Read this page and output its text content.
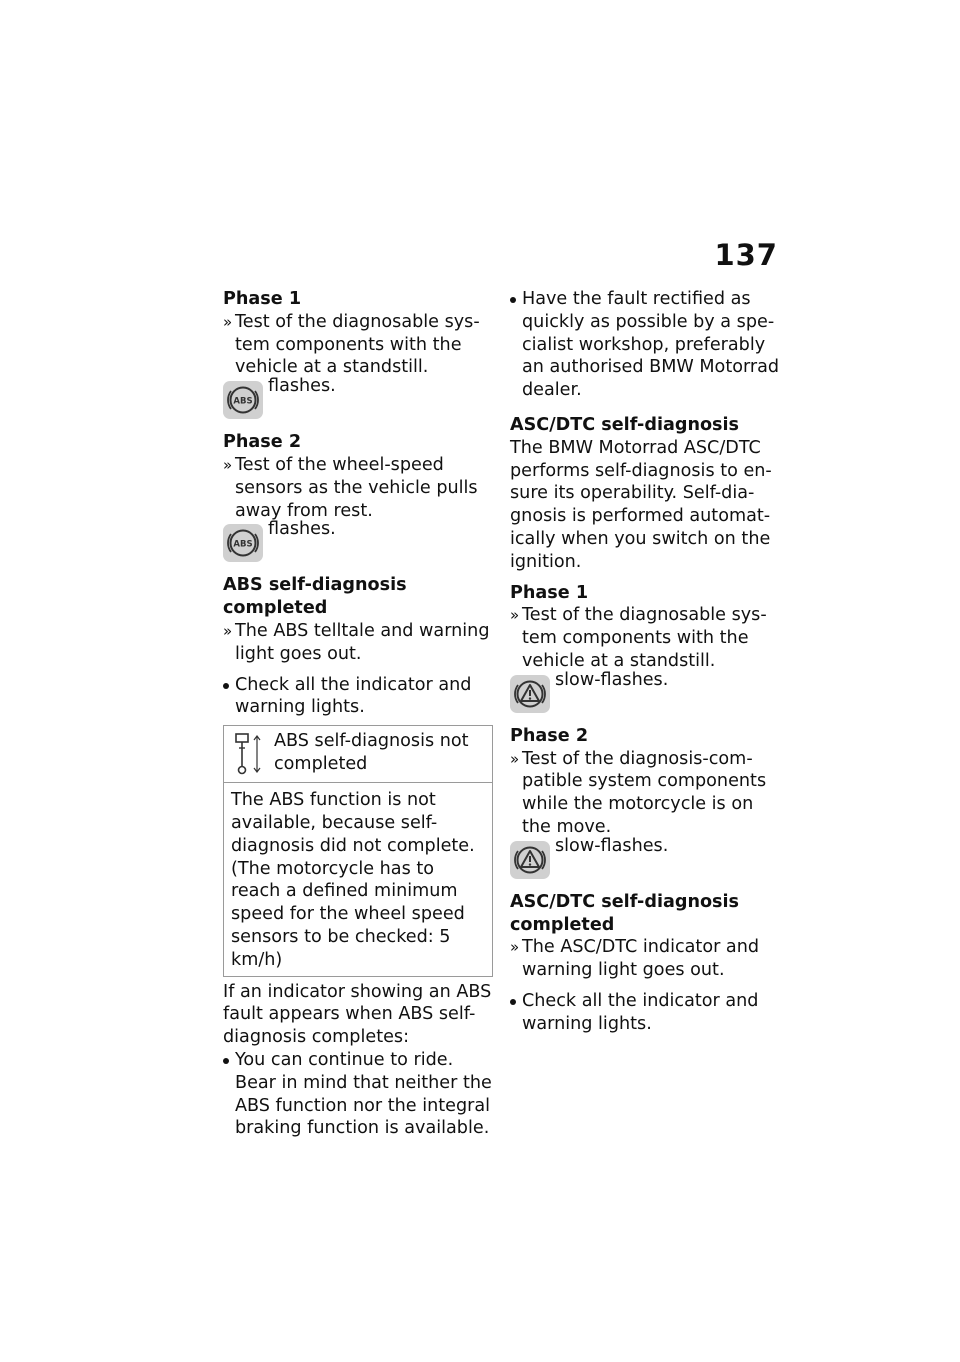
137
Phase 1
» Test of the diagnosable sys-tem components with the vehicle at a standstill.
ABS
flashes.
Phase 2
» Test of the wheel-speed sensors as the vehicle pulls away from rest.
ABS
flashes.
ABS self-diagnosis completed
» The ABS telltale and warning light goes out.
Check all the indicator and warning lights.
ABS self-diagnosis not completed
The ABS function is not available, because self-diagnosis did not complete. (The motorcycle has to reach a defined minimum speed for the wheel speed sensors to be checked: 5 km/h)
If an indicator showing an ABS fault appears when ABS self-diagnosis completes:
You can continue to ride. Bear in mind that neither the ABS function nor the integral braking function is available.
Have the fault rectified as quickly as possible by a spe-cialist workshop, preferably an authorised BMW Motorrad dealer.
ASC/DTC self-diagnosis
The BMW Motorrad ASC/DTC performs self-diagnosis to en-sure its operability. Self-dia-gnosis is performed automat-ically when you switch on the ignition.
Phase 1
» Test of the diagnosable sys-tem components with the vehicle at a standstill.
slow-flashes.
Phase 2
» Test of the diagnosis-com-patible system components while the motorcycle is on the move.
slow-flashes.
ASC/DTC self-diagnosis completed
» The ASC/DTC indicator and warning light goes out.
Check all the indicator and warning lights.
